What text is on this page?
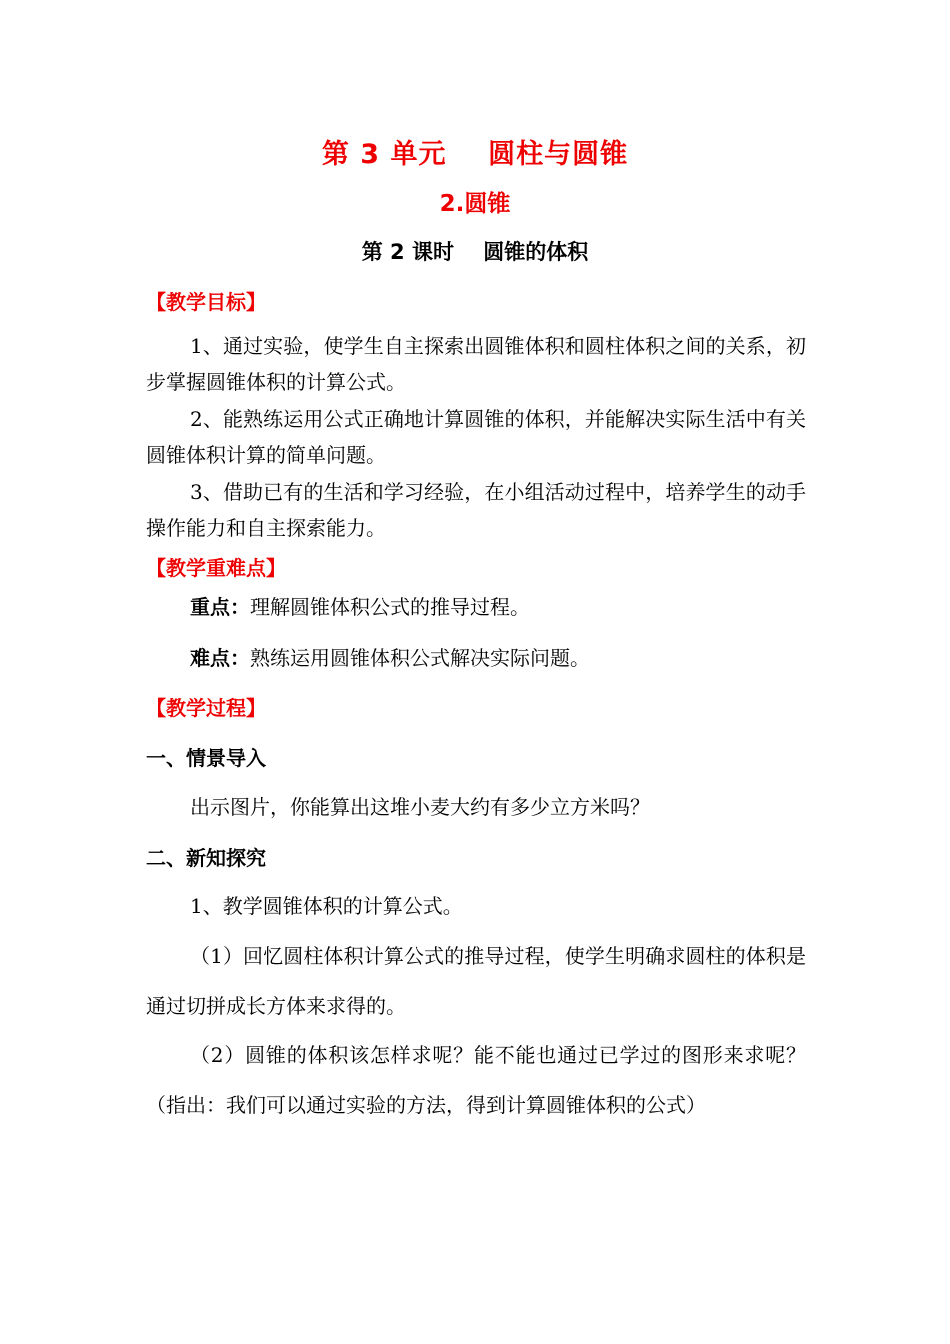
第 3 单元    圆柱与圆锥
2.圆锥
第 2 课时    圆锥的体积
【教学目标】
1、通过实验，使学生自主探索出圆锥体积和圆柱体积之间的关系，初步掌握圆锥体积的计算公式。
2、能熟练运用公式正确地计算圆锥的体积，并能解决实际生活中有关圆锥体积计算的简单问题。
3、借助已有的生活和学习经验，在小组活动过程中，培养学生的动手操作能力和自主探索能力。
【教学重难点】
重点：理解圆锥体积公式的推导过程。
难点：熟练运用圆锥体积公式解决实际问题。
【教学过程】
一、情景导入
出示图片，你能算出这堆小麦大约有多少立方米吗？
二、新知探究
1、教学圆锥体积的计算公式。
（1）回忆圆柱体积计算公式的推导过程，使学生明确求圆柱的体积是通过切拼成长方体来求得的。
（2）圆锥的体积该怎样求呢？能不能也通过已学过的图形来求呢？（指出：我们可以通过实验的方法，得到计算圆锥体积的公式）
